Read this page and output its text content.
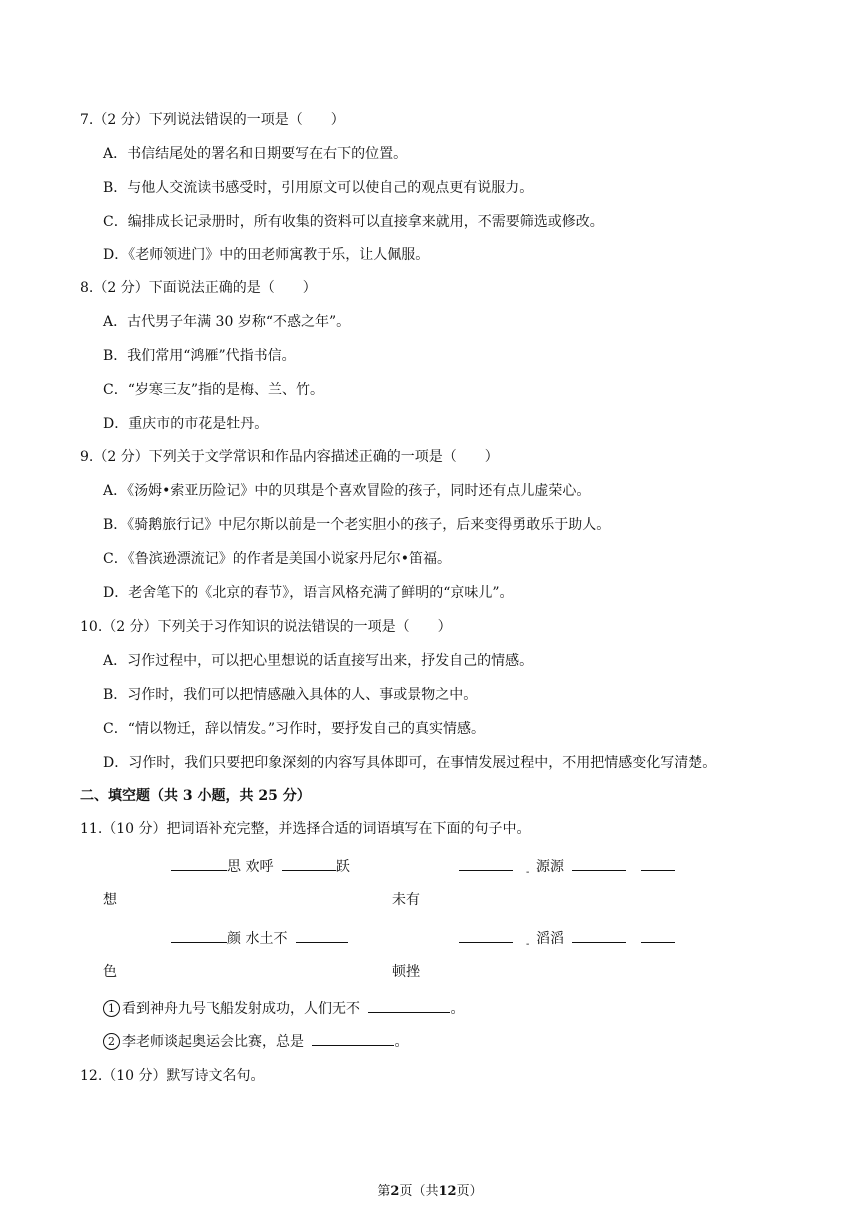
7.（2 分）下列说法错误的一项是（　　）
A．书信结尾处的署名和日期要写在右下的位置。
B．与他人交流读书感受时，引用原文可以使自己的观点更有说服力。
C．编排成长记录册时，所有收集的资料可以直接拿来就用，不需要筛选或修改。
D．《老师领进门》中的田老师寓教于乐，让人佩服。
8.（2 分）下面说法正确的是（　　）
A．古代男子年满 30 岁称“不惑之年”。
B．我们常用“鸿雁”代指书信。
C．“岁寒三友”指的是梅、兰、竹。
D．重庆市的市花是牡丹。
9.（2 分）下列关于文学常识和作品内容描述正确的一项是（　　）
A．《汤姆•索亚历险记》中的贝琪是个喜欢冒险的孩子，同时还有点儿虚荣心。
B．《骑鹅旅行记》中尼尔斯以前是一个老实胆小的孩子，后来变得勇敢乐于助人。
C．《鲁滨逊漂流记》的作者是美国小说家丹尼尔•笛福。
D．老舍笔下的《北京的春节》，语言风格充满了鲜明的“京味儿”。
10.（2 分）下列关于习作知识的说法错误的一项是（　　）
A．习作过程中，可以把心里想说的话直接写出来，抒发自己的情感。
B．习作时，我们可以把情感融入具体的人、事或景物之中。
C．“情以物迁，辞以情发。”习作时，要抒发自己的真实情感。
D．习作时，我们只要把印象深刻的内容写具体即可，在事情发展过程中，不用把情感变化写清楚。
二、填空题（共 3 小题，共 25 分）
11.（10 分）把词语补充完整，并选择合适的词语填写在下面的句子中。
思 欢呼	跃	- 源源
想	未有
颜 水土不	- 滔滔
色	顿挫
1 看到神舟九号飞船发射成功，人们无不	。
2 李老师谈起奥运会比赛，总是	。
12.（10 分）默写诗文名句。
第2页（共12页）
